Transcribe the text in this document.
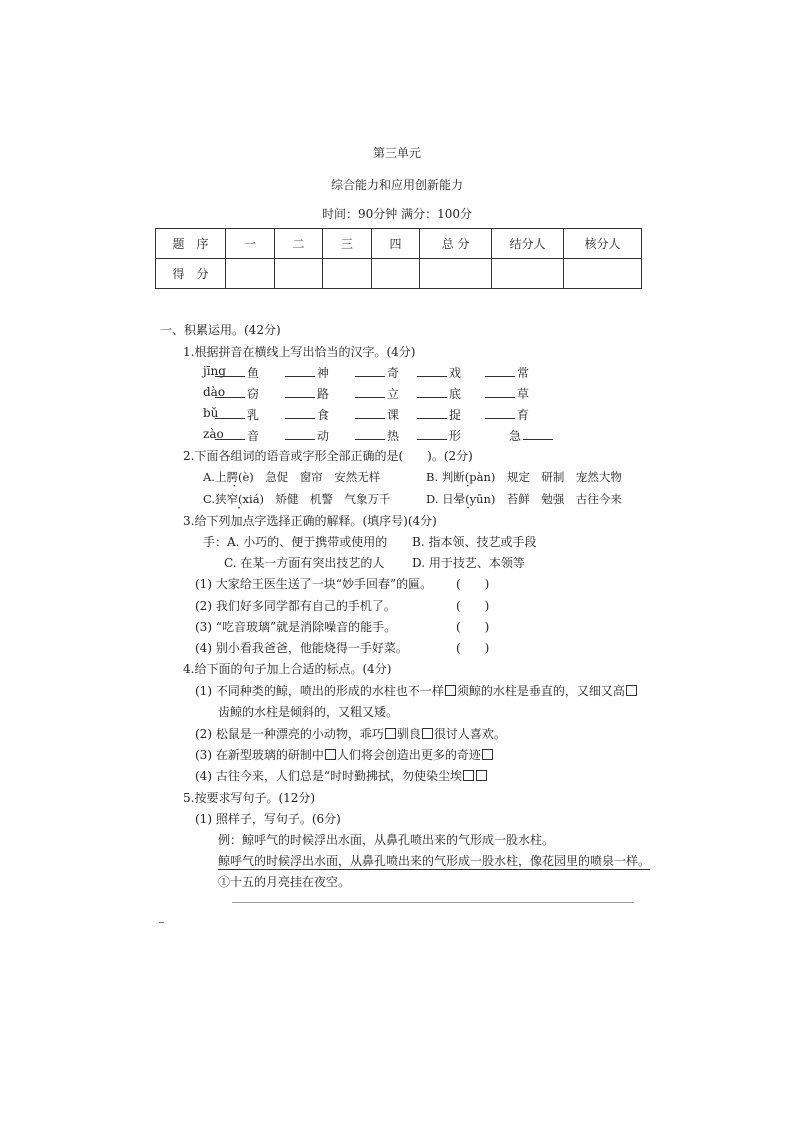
第三单元
综合能力和应用创新能力
时间：90分钟 满分：100分
题　序	一	二	三	四	总 分	结分人	核分人
得　分							
一、积累运用。(42分)
1.根据拼音在横线上写出恰当的汉字。(4分)
jīng	鱼	神	奇	戏	常
dào	窃	路	立	底	草
bǔ	乳	食	课	捉	育
zào	音	动	热	形	急
2.下面各组词的语音或字形全部正确的是(　　)。(2分)
A.上腭(è) ·　 急促　窗帘　安然无样	B. 判断(pàn) ·　 规定　研制　宠然大物
C.狭窄(xiá) ·　 矫健　机警　气象万千	D. 日晕(yūn) ·　 苔鲜　勉强　古往今来
3.给下列加点字选择正确的解释。(填序号)(4分)
手：A. 小巧的、便于携带或使用的 B. 指本领、技艺或手段
C. 在某一方面有突出技艺的人 D. 用于技艺、本领等
(1) 大家给王医生送了一块“妙手回春”的匾。 (　　)
(2) 我们好多同学都有自己的手机了。	(　　)
(3) “吃音玻璃”就是消除噪音的能手。	(　　)
(4) 别小看我爸爸，他能烧得一手好菜。	(　　)
4.给下面的句子加上合适的标点。(4分)
(1) 不同种类的鲸，喷出的形成的水柱也不一样 须鲸的水柱是垂直的，又细又高
齿鲸的水柱是倾斜的，又粗又矮。
(2) 松鼠是一种漂亮的小动物，乖巧 驯良 很讨人喜欢。
(3) 在新型玻璃的研制中 人们将会创造出更多的奇迹
(4) 古往今来，人们总是“时时勤拂拭，勿使染尘埃
5.按要求写句子。(12分)
(1) 照样子，写句子。(6分)
例：鲸呼气的时候浮出水面，从鼻孔喷出来的气形成一股水柱。
鲸呼气的时候浮出水面，从鼻孔喷出来的气形成一股水柱，像花园里的喷泉一样。
①十五的月亮挂在夜空。
